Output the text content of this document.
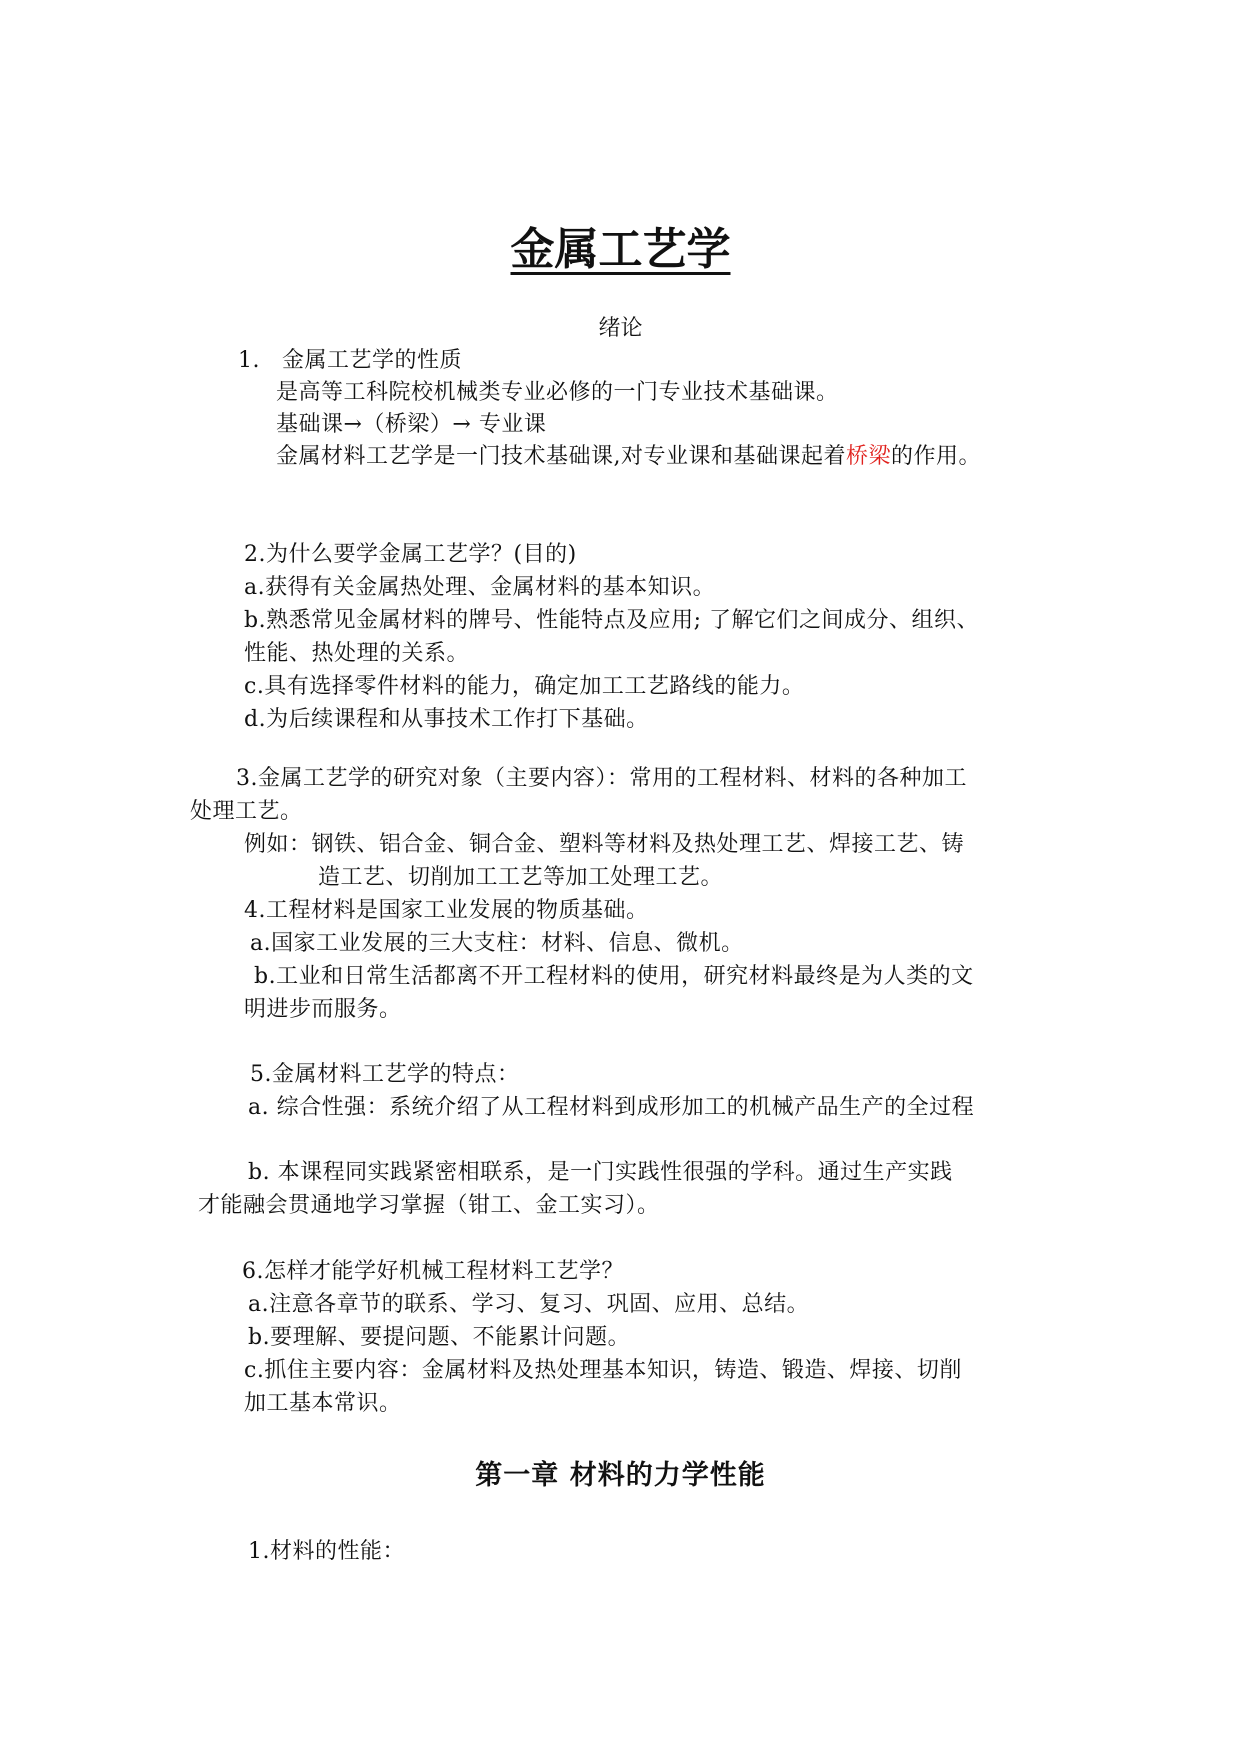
金属工艺学
绪论
1. 金属工艺学的性质
是高等工科院校机械类专业必修的一门专业技术基础课。
基础课→（桥梁）→ 专业课
金属材料工艺学是一门技术基础课,对专业课和基础课起着桥梁的作用。
2.为什么要学金属工艺学？(目的)
a.获得有关金属热处理、金属材料的基本知识。
b.熟悉常见金属材料的牌号、性能特点及应用; 了解它们之间成分、组织、
性能、热处理的关系。
c.具有选择零件材料的能力，确定加工工艺路线的能力。
d.为后续课程和从事技术工作打下基础。
3.金属工艺学的研究对象（主要内容）：常用的工程材料、材料的各种加工
处理工艺。
例如：钢铁、铝合金、铜合金、塑料等材料及热处理工艺、焊接工艺、铸
造工艺、切削加工工艺等加工处理工艺。
4.工程材料是国家工业发展的物质基础。
a.国家工业发展的三大支柱：材料、信息、微机。
b.工业和日常生活都离不开工程材料的使用，研究材料最终是为人类的文
明进步而服务。
5.金属材料工艺学的特点：
a. 综合性强：系统介绍了从工程材料到成形加工的机械产品生产的全过程
b. 本课程同实践紧密相联系，是一门实践性很强的学科。通过生产实践
才能融会贯通地学习掌握（钳工、金工实习）。
6.怎样才能学好机械工程材料工艺学？
a.注意各章节的联系、学习、复习、巩固、应用、总结。
b.要理解、要提问题、不能累计问题。
c.抓住主要内容：金属材料及热处理基本知识，铸造、锻造、焊接、切削
加工基本常识。
第一章 材料的力学性能
1.材料的性能：
